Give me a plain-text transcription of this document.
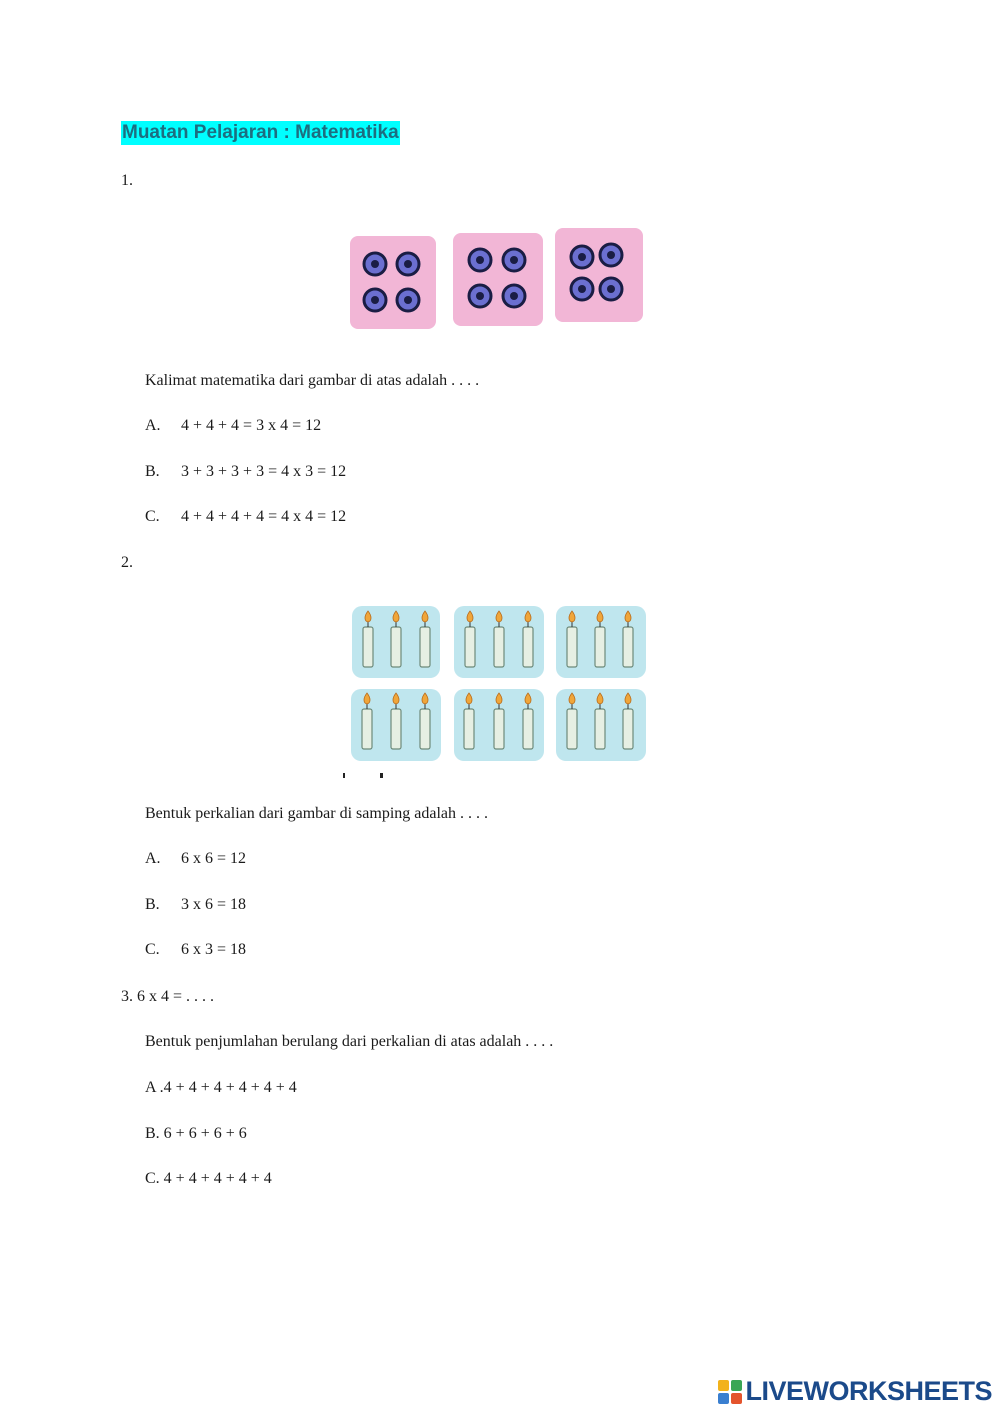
Muatan Pelajaran : Matematika
1.
Kalimat matematika dari gambar di atas adalah . . . .
A. 4 + 4 + 4 = 3 x 4 = 12
B. 3 + 3 + 3 + 3 = 4 x 3 = 12
C. 4 + 4 + 4 + 4 = 4 x 4 = 12
2.
Bentuk perkalian dari gambar di samping adalah . . . .
A. 6 x 6 = 12
B. 3 x 6 = 18
C. 6 x 3 = 18
3. 6 x 4 = . . . .
Bentuk penjumlahan berulang dari perkalian di atas adalah . . . .
A .4 + 4 + 4 + 4 + 4 + 4
B. 6 + 6 + 6 + 6
C. 4 + 4 + 4 + 4 + 4
LIVEWORKSHEETS
